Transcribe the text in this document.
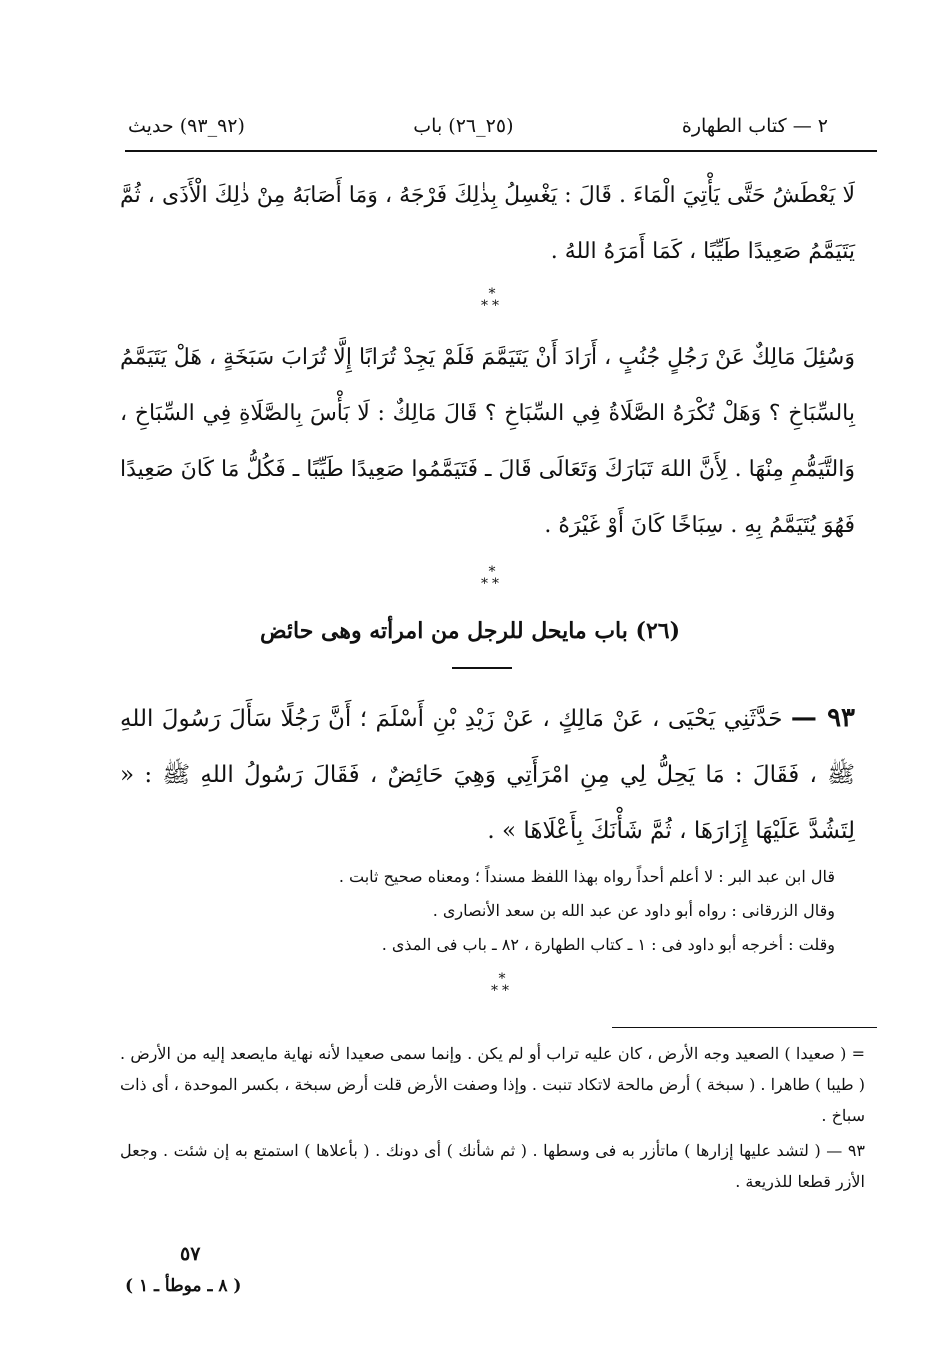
٢ — كتاب الطهارة
(٢٥_٢٦) باب
(٩٢_٩٣) حديث
لَا يَعْطَشُ حَتَّى يَأْتِيَ الْمَاءَ . قَالَ : يَغْسِلُ بِذٰلِكَ فَرْجَهُ ، وَمَا أَصَابَهُ مِنْ ذٰلِكَ الْأَذَى ، ثُمَّ يَتَيَمَّمُ صَعِيدًا طَيِّبًا ، كَمَا أَمَرَهُ اللهُ .
*
**
وَسُئِلَ مَالِكٌ عَنْ رَجُلٍ جُنُبٍ ، أَرَادَ أَنْ يَتَيَمَّمَ فَلَمْ يَجِدْ تُرَابًا إِلَّا تُرَابَ سَبَخَةٍ ، هَلْ يَتَيَمَّمُ بِالسِّبَاخِ ؟ وَهَلْ تُكْرَهُ الصَّلَاةُ فِي السِّبَاخِ ؟ قَالَ مَالِكٌ : لَا بَأْسَ بِالصَّلَاةِ فِي السِّبَاخِ ، وَالتَّيَمُّمِ مِنْهَا . لِأَنَّ اللهَ تَبَارَكَ وَتَعَالَى قَالَ ـ فَتَيَمَّمُوا صَعِيدًا طَيِّبًا ـ فَكُلُّ مَا كَانَ صَعِيدًا فَهُوَ يُتَيَمَّمُ بِهِ . سِبَاخًا كَانَ أَوْ غَيْرَهُ .
*
**
(٢٦) باب مايحل للرجل من امرأته وهى حائض
٩٣ — حَدَّثَنِي يَحْيَى ، عَنْ مَالِكٍ ، عَنْ زَيْدِ بْنِ أَسْلَمَ ؛ أَنَّ رَجُلًا سَأَلَ رَسُولَ اللهِ ﷺ ، فَقَالَ : مَا يَحِلُّ لِي مِنِ امْرَأَتِي وَهِيَ حَائِضٌ ، فَقَالَ رَسُولُ اللهِ ﷺ : « لِتَشُدَّ عَلَيْهَا إِزَارَهَا ، ثُمَّ شَأْنَكَ بِأَعْلَاهَا » .
قال ابن عبد البر : لا أعلم أحداً رواه بهذا اللفظ مسنداً ؛ ومعناه صحيح ثابت .
وقال الزرقانى : رواه أبو داود عن عبد الله بن سعد الأنصارى .
وقلت : أخرجه أبو داود فى : ١ ـ كتاب الطهارة ، ٨٢ ـ باب فى المذى .
*
**

= ( صعيدا ) الصعيد وجه الأرض ، كان عليه تراب أو لم يكن . وإنما سمى صعيدا لأنه نهاية مايصعد إليه من الأرض . ( طيبا ) طاهرا . ( سبخة ) أرض مالحة لاتكاد تنبت . وإذا وصفت الأرض قلت أرض سبخة ، بكسر الموحدة ، أى ذات سباخ .

٩٣ — ( لتشد عليها إزارها ) ماتأزر به فى وسطها . ( ثم شأنك ) أى دونك . ( بأعلاها ) استمتع به إن شئت . وجعل الأزر قطعا للذريعة .

٥٧
( ٨ ـ موطأ ـ ١ )
